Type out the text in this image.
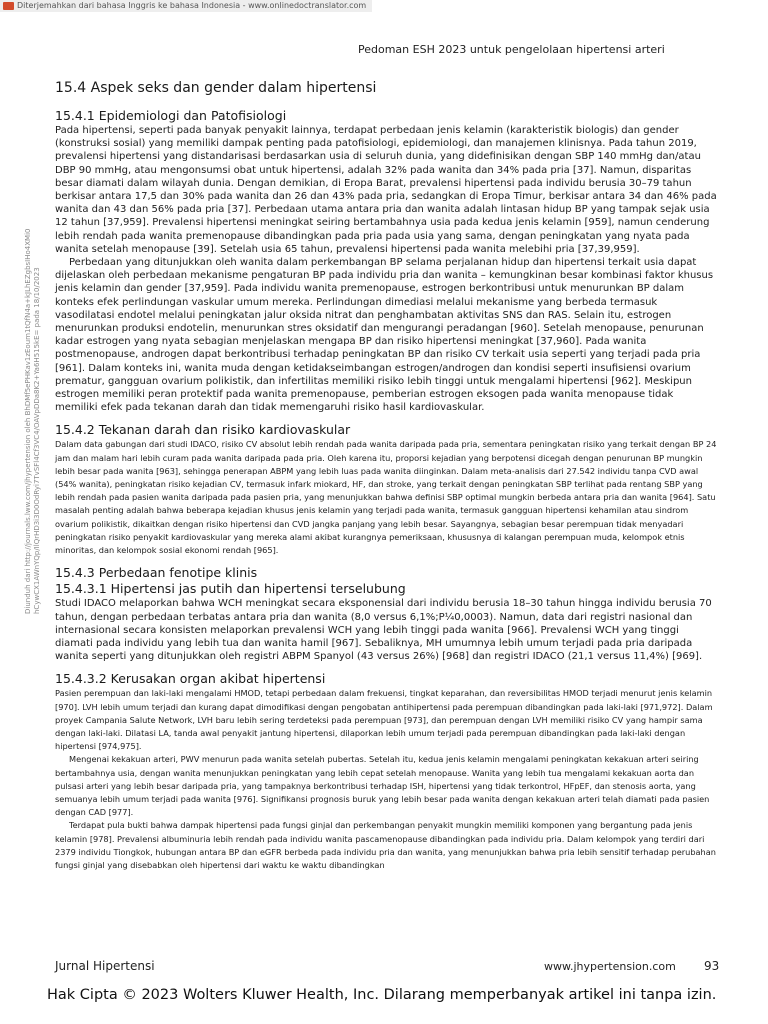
Diterjemahkan dari bahasa Inggris ke bahasa Indonesia - www.onlinedoctranslator.com
Pedoman ESH 2023 untuk pengelolaan hipertensi arteri
Diunduh dari http://journals.lww.com/jhypertension oleh BhDMf5ePHKav1zEoum1tQfN4a+kJLhEZgbsIHo4XMi0 hCywCX1AWnYQp/IlQrHD3i3D0OdRyi7TvSFl4Cf3VC4/OAVpDDa8K2+Ya6H515kE= pada 18/10/2023
15.4 Aspek seks dan gender dalam hipertensi
15.4.1 Epidemiologi dan Patofisiologi

Pada hipertensi, seperti pada banyak penyakit lainnya, terdapat perbedaan jenis kelamin (karakteristik biologis) dan gender (konstruksi sosial) yang memiliki dampak penting pada patofisiologi, epidemiologi, dan manajemen klinisnya. Pada tahun 2019, prevalensi hipertensi yang distandarisasi berdasarkan usia di seluruh dunia, yang didefinisikan dengan SBP 140 mmHg dan/atau DBP 90 mmHg, atau mengonsumsi obat untuk hipertensi, adalah 32% pada wanita dan 34% pada pria [37]. Namun, disparitas besar diamati dalam wilayah dunia. Dengan demikian, di Eropa Barat, prevalensi hipertensi pada individu berusia 30–79 tahun berkisar antara 17,5 dan 30% pada wanita dan 26 dan 43% pada pria, sedangkan di Eropa Timur, berkisar antara 34 dan 46% pada wanita dan 43 dan 56% pada pria [37]. Perbedaan utama antara pria dan wanita adalah lintasan hidup BP yang tampak sejak usia 12 tahun [37,959]. Prevalensi hipertensi meningkat seiring bertambahnya usia pada kedua jenis kelamin [959], namun cenderung lebih rendah pada wanita premenopause dibandingkan pada pria pada usia yang sama, dengan peningkatan yang nyata pada wanita setelah menopause [39]. Setelah usia 65 tahun, prevalensi hipertensi pada wanita melebihi pria [37,39,959].

Perbedaan yang ditunjukkan oleh wanita dalam perkembangan BP selama perjalanan hidup dan hipertensi terkait usia dapat dijelaskan oleh perbedaan mekanisme pengaturan BP pada individu pria dan wanita – kemungkinan besar kombinasi faktor khusus jenis kelamin dan gender [37,959]. Pada individu wanita premenopause, estrogen berkontribusi untuk menurunkan BP dalam konteks efek perlindungan vaskular umum mereka. Perlindungan dimediasi melalui mekanisme yang berbeda termasuk vasodilatasi endotel melalui peningkatan jalur oksida nitrat dan penghambatan aktivitas SNS dan RAS. Selain itu, estrogen menurunkan produksi endotelin, menurunkan stres oksidatif dan mengurangi peradangan [960]. Setelah menopause, penurunan kadar estrogen yang nyata sebagian menjelaskan mengapa BP dan risiko hipertensi meningkat [37,960]. Pada wanita postmenopause, androgen dapat berkontribusi terhadap peningkatan BP dan risiko CV terkait usia seperti yang terjadi pada pria [961]. Dalam konteks ini, wanita muda dengan ketidakseimbangan estrogen/androgen dan kondisi seperti insufisiensi ovarium prematur, gangguan ovarium polikistik, dan infertilitas memiliki risiko lebih tinggi untuk mengalami hipertensi [962]. Meskipun estrogen memiliki peran protektif pada wanita premenopause, pemberian estrogen eksogen pada wanita menopause tidak memiliki efek pada tekanan darah dan tidak memengaruhi risiko hasil kardiovaskular.

15.4.2 Tekanan darah dan risiko kardiovaskular

Dalam data gabungan dari studi IDACO, risiko CV absolut lebih rendah pada wanita daripada pada pria, sementara peningkatan risiko yang terkait dengan BP 24 jam dan malam hari lebih curam pada wanita daripada pada pria. Oleh karena itu, proporsi kejadian yang berpotensi dicegah dengan penurunan BP mungkin lebih besar pada wanita [963], sehingga penerapan ABPM yang lebih luas pada wanita diinginkan. Dalam meta-analisis dari 27.542 individu tanpa CVD awal (54% wanita), peningkatan risiko kejadian CV, termasuk infark miokard, HF, dan stroke, yang terkait dengan peningkatan SBP terlihat pada rentang SBP yang lebih rendah pada pasien wanita daripada pada pasien pria, yang menunjukkan bahwa definisi SBP optimal mungkin berbeda antara pria dan wanita [964]. Satu masalah penting adalah bahwa beberapa kejadian khusus jenis kelamin yang terjadi pada wanita, termasuk gangguan hipertensi kehamilan atau sindrom ovarium polikistik, dikaitkan dengan risiko hipertensi dan CVD jangka panjang yang lebih besar. Sayangnya, sebagian besar perempuan tidak menyadari peningkatan risiko penyakit kardiovaskular yang mereka alami akibat kurangnya pemeriksaan, khususnya di kalangan perempuan muda, kelompok etnis minoritas, dan kelompok sosial ekonomi rendah [965].

15.4.3 Perbedaan fenotipe klinis
15.4.3.1 Hipertensi jas putih dan hipertensi terselubung

Studi IDACO melaporkan bahwa WCH meningkat secara eksponensial dari individu berusia 18–30 tahun hingga individu berusia 70 tahun, dengan perbedaan terbatas antara pria dan wanita (8,0 versus 6,1%;P¼0,0003). Namun, data dari registri nasional dan internasional secara konsisten melaporkan prevalensi WCH yang lebih tinggi pada wanita [966]. Prevalensi WCH yang tinggi diamati pada individu yang lebih tua dan wanita hamil [967]. Sebaliknya, MH umumnya lebih umum terjadi pada pria daripada wanita seperti yang ditunjukkan oleh registri ABPM Spanyol (43 versus 26%) [968] dan registri IDACO (21,1 versus 11,4%) [969].

15.4.3.2 Kerusakan organ akibat hipertensi

Pasien perempuan dan laki-laki mengalami HMOD, tetapi perbedaan dalam frekuensi, tingkat keparahan, dan reversibilitas HMOD terjadi menurut jenis kelamin [970]. LVH lebih umum terjadi dan kurang dapat dimodifikasi dengan pengobatan antihipertensi pada perempuan dibandingkan pada laki-laki [971,972]. Dalam proyek Campania Salute Network, LVH baru lebih sering terdeteksi pada perempuan [973], dan perempuan dengan LVH memiliki risiko CV yang hampir sama dengan laki-laki. Dilatasi LA, tanda awal penyakit jantung hipertensi, dilaporkan lebih umum terjadi pada perempuan dibandingkan pada laki-laki dengan hipertensi [974,975].

Mengenai kekakuan arteri, PWV menurun pada wanita setelah pubertas. Setelah itu, kedua jenis kelamin mengalami peningkatan kekakuan arteri seiring bertambahnya usia, dengan wanita menunjukkan peningkatan yang lebih cepat setelah menopause. Wanita yang lebih tua mengalami kekakuan aorta dan pulsasi arteri yang lebih besar daripada pria, yang tampaknya berkontribusi terhadap ISH, hipertensi yang tidak terkontrol, HFpEF, dan stenosis aorta, yang semuanya lebih umum terjadi pada wanita [976]. Signifikansi prognosis buruk yang lebih besar pada wanita dengan kekakuan arteri telah diamati pada pasien dengan CAD [977].

Terdapat pula bukti bahwa dampak hipertensi pada fungsi ginjal dan perkembangan penyakit mungkin memiliki komponen yang bergantung pada jenis kelamin [978]. Prevalensi albuminuria lebih rendah pada individu wanita pascamenopause dibandingkan pada individu pria. Dalam kelompok yang terdiri dari 2379 individu Tiongkok, hubungan antara BP dan eGFR berbeda pada individu pria dan wanita, yang menunjukkan bahwa pria lebih sensitif terhadap perubahan fungsi ginjal yang disebabkan oleh hipertensi dari waktu ke waktu dibandingkan

Jurnal Hipertensi	www.jhypertension.com 93
Hak Cipta © 2023 Wolters Kluwer Health, Inc. Dilarang memperbanyak artikel ini tanpa izin.
